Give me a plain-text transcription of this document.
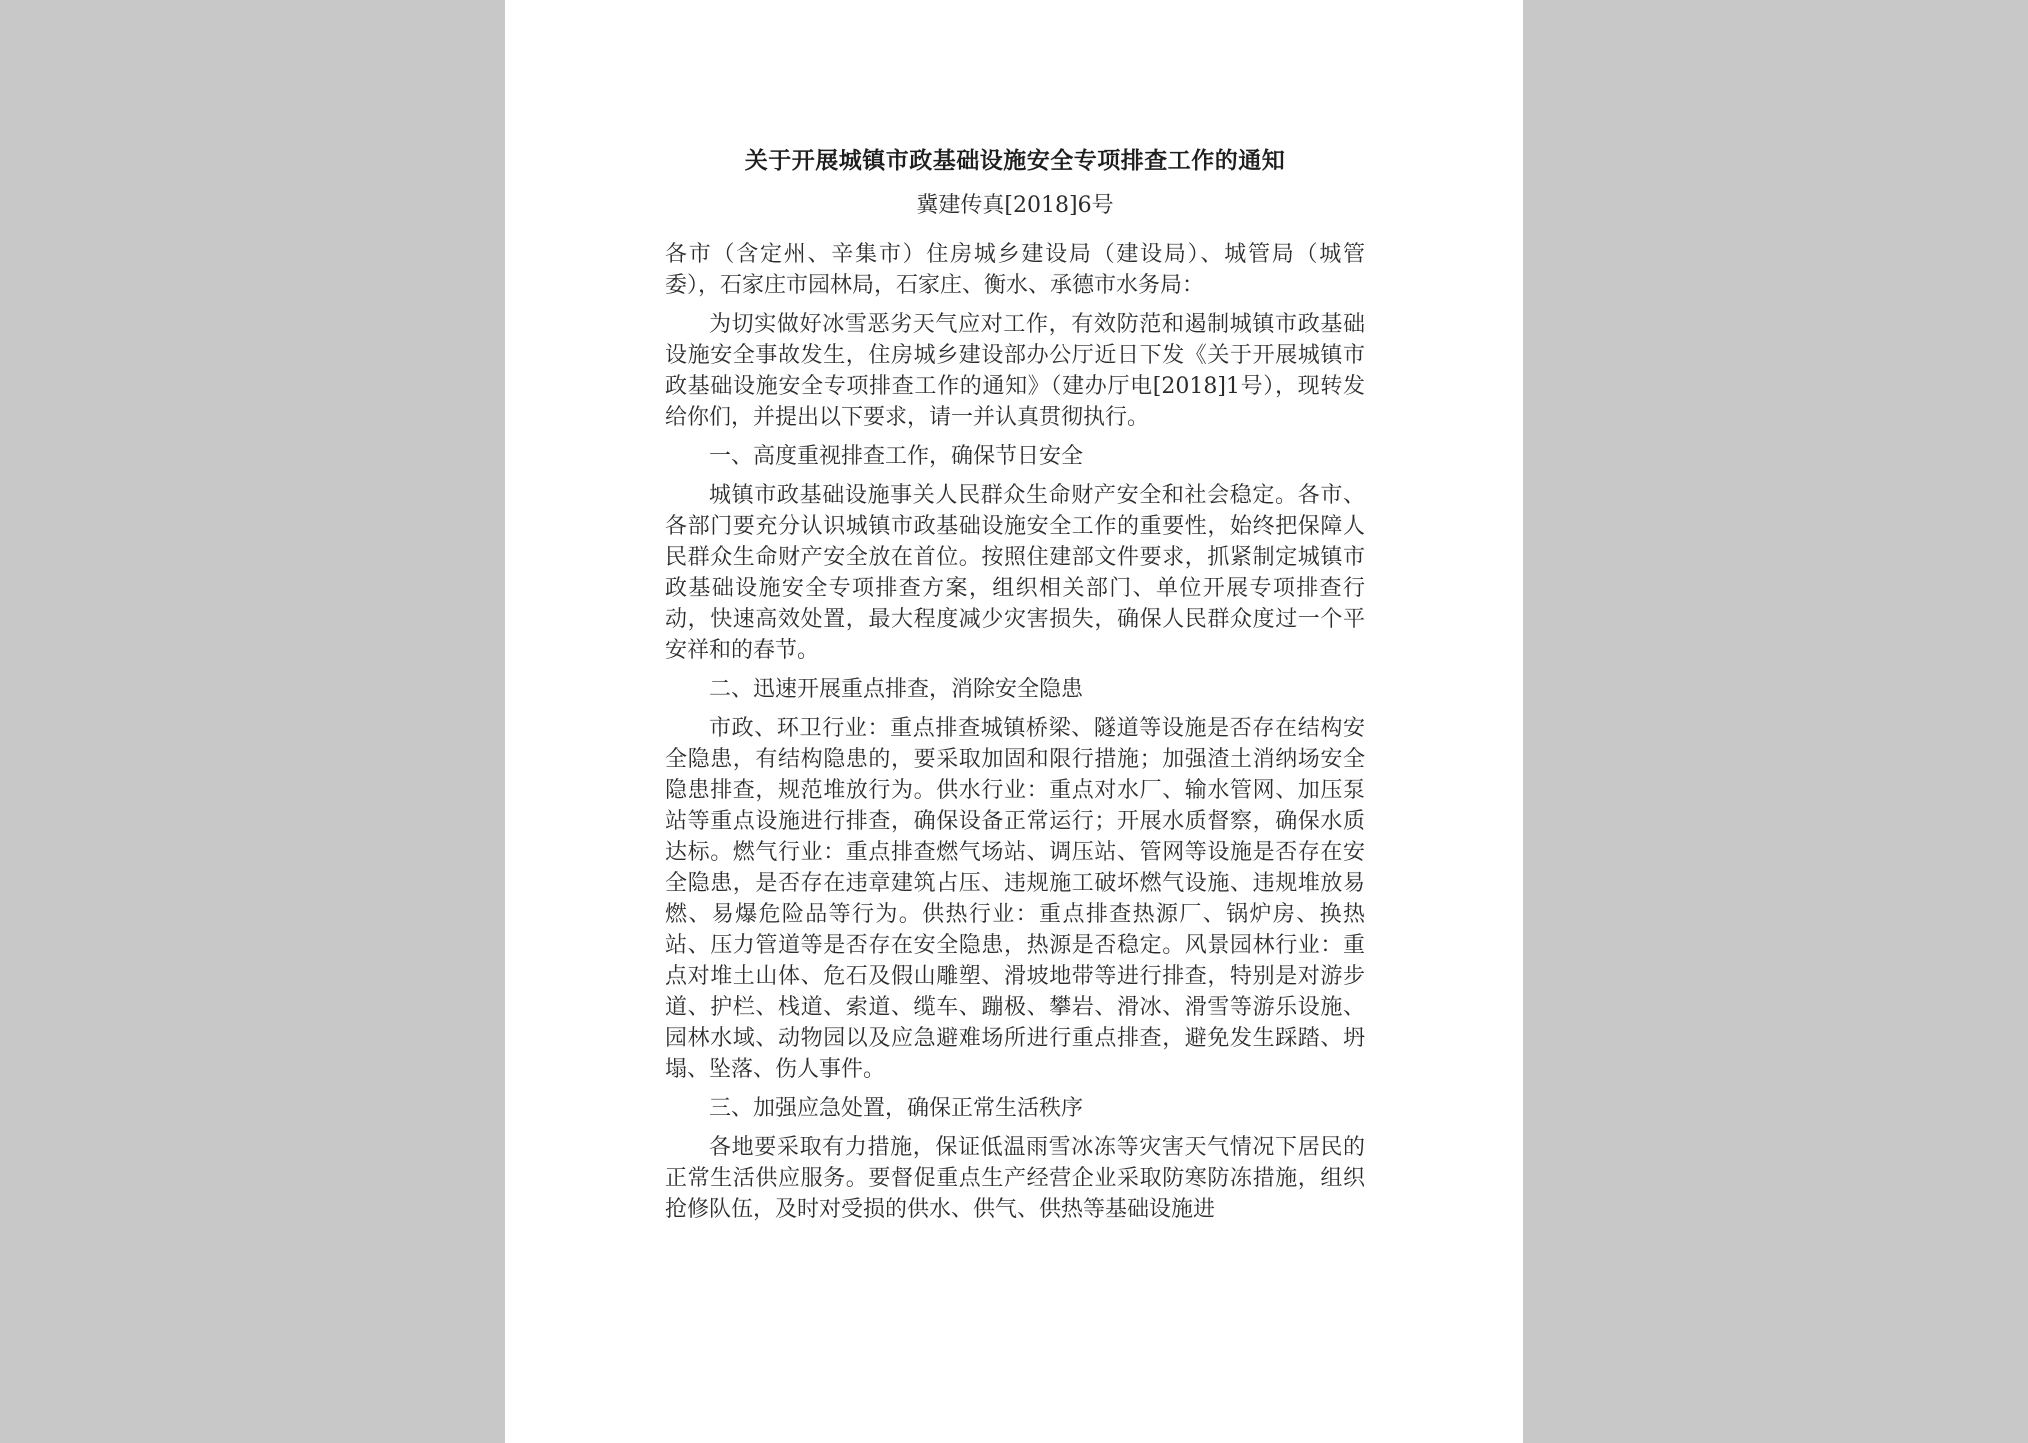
关于开展城镇市政基础设施安全专项排查工作的通知
冀建传真[2018]6号

各市（含定州、辛集市）住房城乡建设局（建设局）、城管局（城管委），石家庄市园林局，石家庄、衡水、承德市水务局：

为切实做好冰雪恶劣天气应对工作，有效防范和遏制城镇市政基础设施安全事故发生，住房城乡建设部办公厅近日下发《关于开展城镇市政基础设施安全专项排查工作的通知》（建办厅电[2018]1号），现转发给你们，并提出以下要求，请一并认真贯彻执行。

一、高度重视排查工作，确保节日安全

城镇市政基础设施事关人民群众生命财产安全和社会稳定。各市、各部门要充分认识城镇市政基础设施安全工作的重要性，始终把保障人民群众生命财产安全放在首位。按照住建部文件要求，抓紧制定城镇市政基础设施安全专项排查方案，组织相关部门、单位开展专项排查行动，快速高效处置，最大程度减少灾害损失，确保人民群众度过一个平安祥和的春节。

二、迅速开展重点排查，消除安全隐患

市政、环卫行业：重点排查城镇桥梁、隧道等设施是否存在结构安全隐患，有结构隐患的，要采取加固和限行措施；加强渣土消纳场安全隐患排查，规范堆放行为。供水行业：重点对水厂、输水管网、加压泵站等重点设施进行排查，确保设备正常运行；开展水质督察，确保水质达标。燃气行业：重点排查燃气场站、调压站、管网等设施是否存在安全隐患，是否存在违章建筑占压、违规施工破坏燃气设施、违规堆放易燃、易爆危险品等行为。供热行业：重点排查热源厂、锅炉房、换热站、压力管道等是否存在安全隐患，热源是否稳定。风景园林行业：重点对堆土山体、危石及假山雕塑、滑坡地带等进行排查，特别是对游步道、护栏、栈道、索道、缆车、蹦极、攀岩、滑冰、滑雪等游乐设施、园林水域、动物园以及应急避难场所进行重点排查，避免发生踩踏、坍塌、坠落、伤人事件。

三、加强应急处置，确保正常生活秩序

各地要采取有力措施，保证低温雨雪冰冻等灾害天气情况下居民的正常生活供应服务。要督促重点生产经营企业采取防寒防冻措施，组织抢修队伍，及时对受损的供水、供气、供热等基础设施进
